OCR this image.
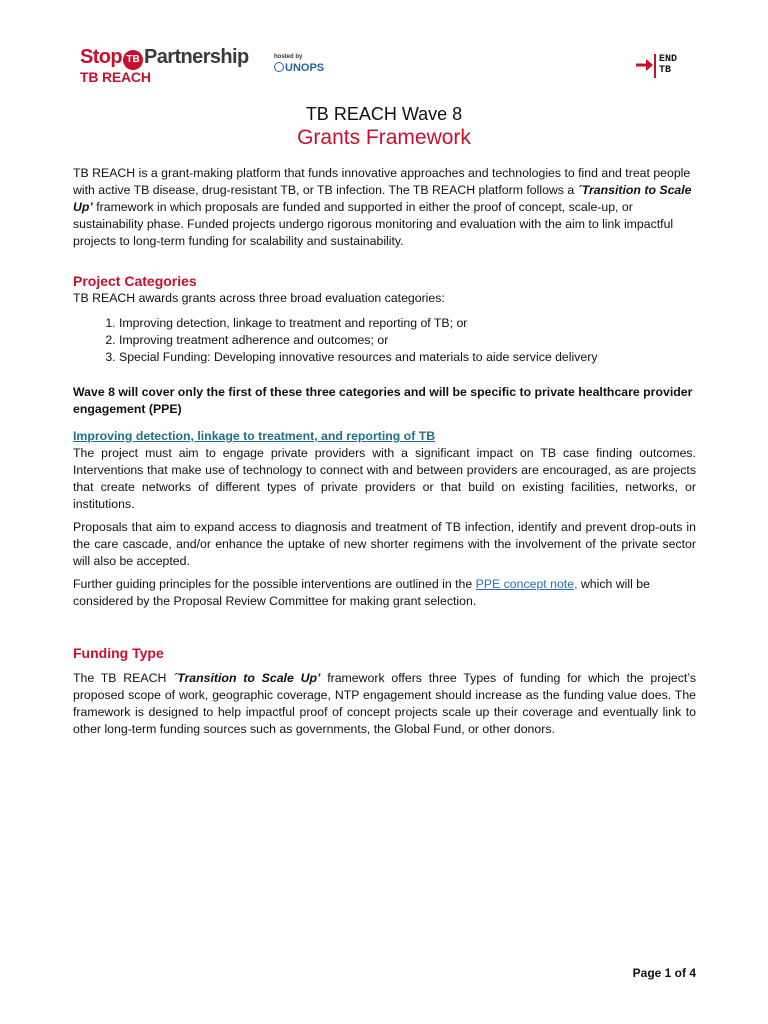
Stop TB Partnership
TB REACH
hosted by
UNOPS
END
TB
TB REACH Wave 8
Grants Framework

TB REACH is a grant-making platform that funds innovative approaches and technologies to find and treat people with active TB disease, drug-resistant TB, or TB infection. The TB REACH platform follows a ´Transition to Scale Up’ framework in which proposals are funded and supported in either the proof of concept, scale-up, or sustainability phase. Funded projects undergo rigorous monitoring and evaluation with the aim to link impactful projects to long-term funding for scalability and sustainability.

Project Categories

TB REACH awards grants across three broad evaluation categories:

1. Improving detection, linkage to treatment and reporting of TB; or
2. Improving treatment adherence and outcomes; or
3. Special Funding: Developing innovative resources and materials to aide service delivery

Wave 8 will cover only the first of these three categories and will be specific to private healthcare provider engagement (PPE)

Improving detection, linkage to treatment, and reporting of TB

The project must aim to engage private providers with a significant impact on TB case finding outcomes. Interventions that make use of technology to connect with and between providers are encouraged, as are projects that create networks of different types of private providers or that build on existing facilities, networks, or institutions.

Proposals that aim to expand access to diagnosis and treatment of TB infection, identify and prevent drop-outs in the care cascade, and/or enhance the uptake of new shorter regimens with the involvement of the private sector will also be accepted.

Further guiding principles for the possible interventions are outlined in the PPE concept note, which will be considered by the Proposal Review Committee for making grant selection.

Funding Type

The TB REACH ´Transition to Scale Up’ framework offers three Types of funding for which the project’s proposed scope of work, geographic coverage, NTP engagement should increase as the funding value does. The framework is designed to help impactful proof of concept projects scale up their coverage and eventually link to other long-term funding sources such as governments, the Global Fund, or other donors.

Page 1 of 4
